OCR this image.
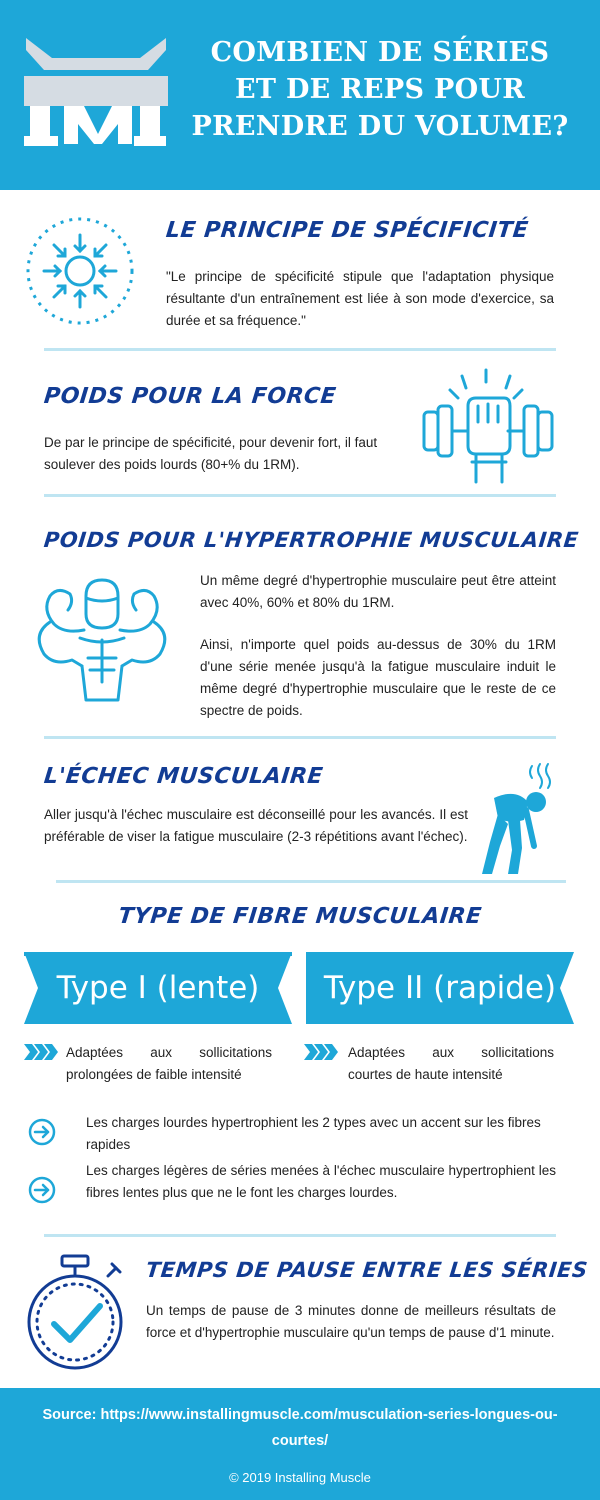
COMBIEN DE SÉRIES
ET DE REPS POUR
PRENDRE DU VOLUME?
LE PRINCIPE DE SPÉCIFICITÉ
"Le principe de spécificité stipule que l'adaptation physique résultante d'un entraînement est liée à son mode d'exercice, sa durée et sa fréquence."
POIDS POUR LA FORCE
De par le principe de spécificité, pour devenir fort, il faut soulever des poids lourds (80+% du 1RM).
POIDS POUR L'HYPERTROPHIE MUSCULAIRE
Un même degré d'hypertrophie musculaire peut être atteint avec 40%, 60% et 80% du 1RM.
Ainsi, n'importe quel poids au-dessus de 30% du 1RM d'une série menée jusqu'à la fatigue musculaire induit le même degré d'hypertrophie musculaire que le reste de ce spectre de poids.
L'ÉCHEC MUSCULAIRE
Aller jusqu'à l'échec musculaire est déconseillé pour les avancés. Il est préférable de viser la fatigue musculaire (2-3 répétitions avant l'échec).
TYPE DE FIBRE MUSCULAIRE
Type I (lente)	Type II (rapide)
Adaptées aux sollicitations prolongées de faible intensité
Adaptées aux sollicitations courtes de haute intensité
Les charges lourdes hypertrophient les 2 types avec un accent sur les fibres rapides
Les charges légères de séries menées à l'échec musculaire hypertrophient les fibres lentes plus que ne le font les charges lourdes.
TEMPS DE PAUSE ENTRE LES SÉRIES
Un temps de pause de 3 minutes donne de meilleurs résultats de force et d'hypertrophie musculaire qu'un temps de pause d'1 minute.
Source: https://www.installingmuscle.com/musculation-series-longues-ou-courtes/
© 2019 Installing Muscle
